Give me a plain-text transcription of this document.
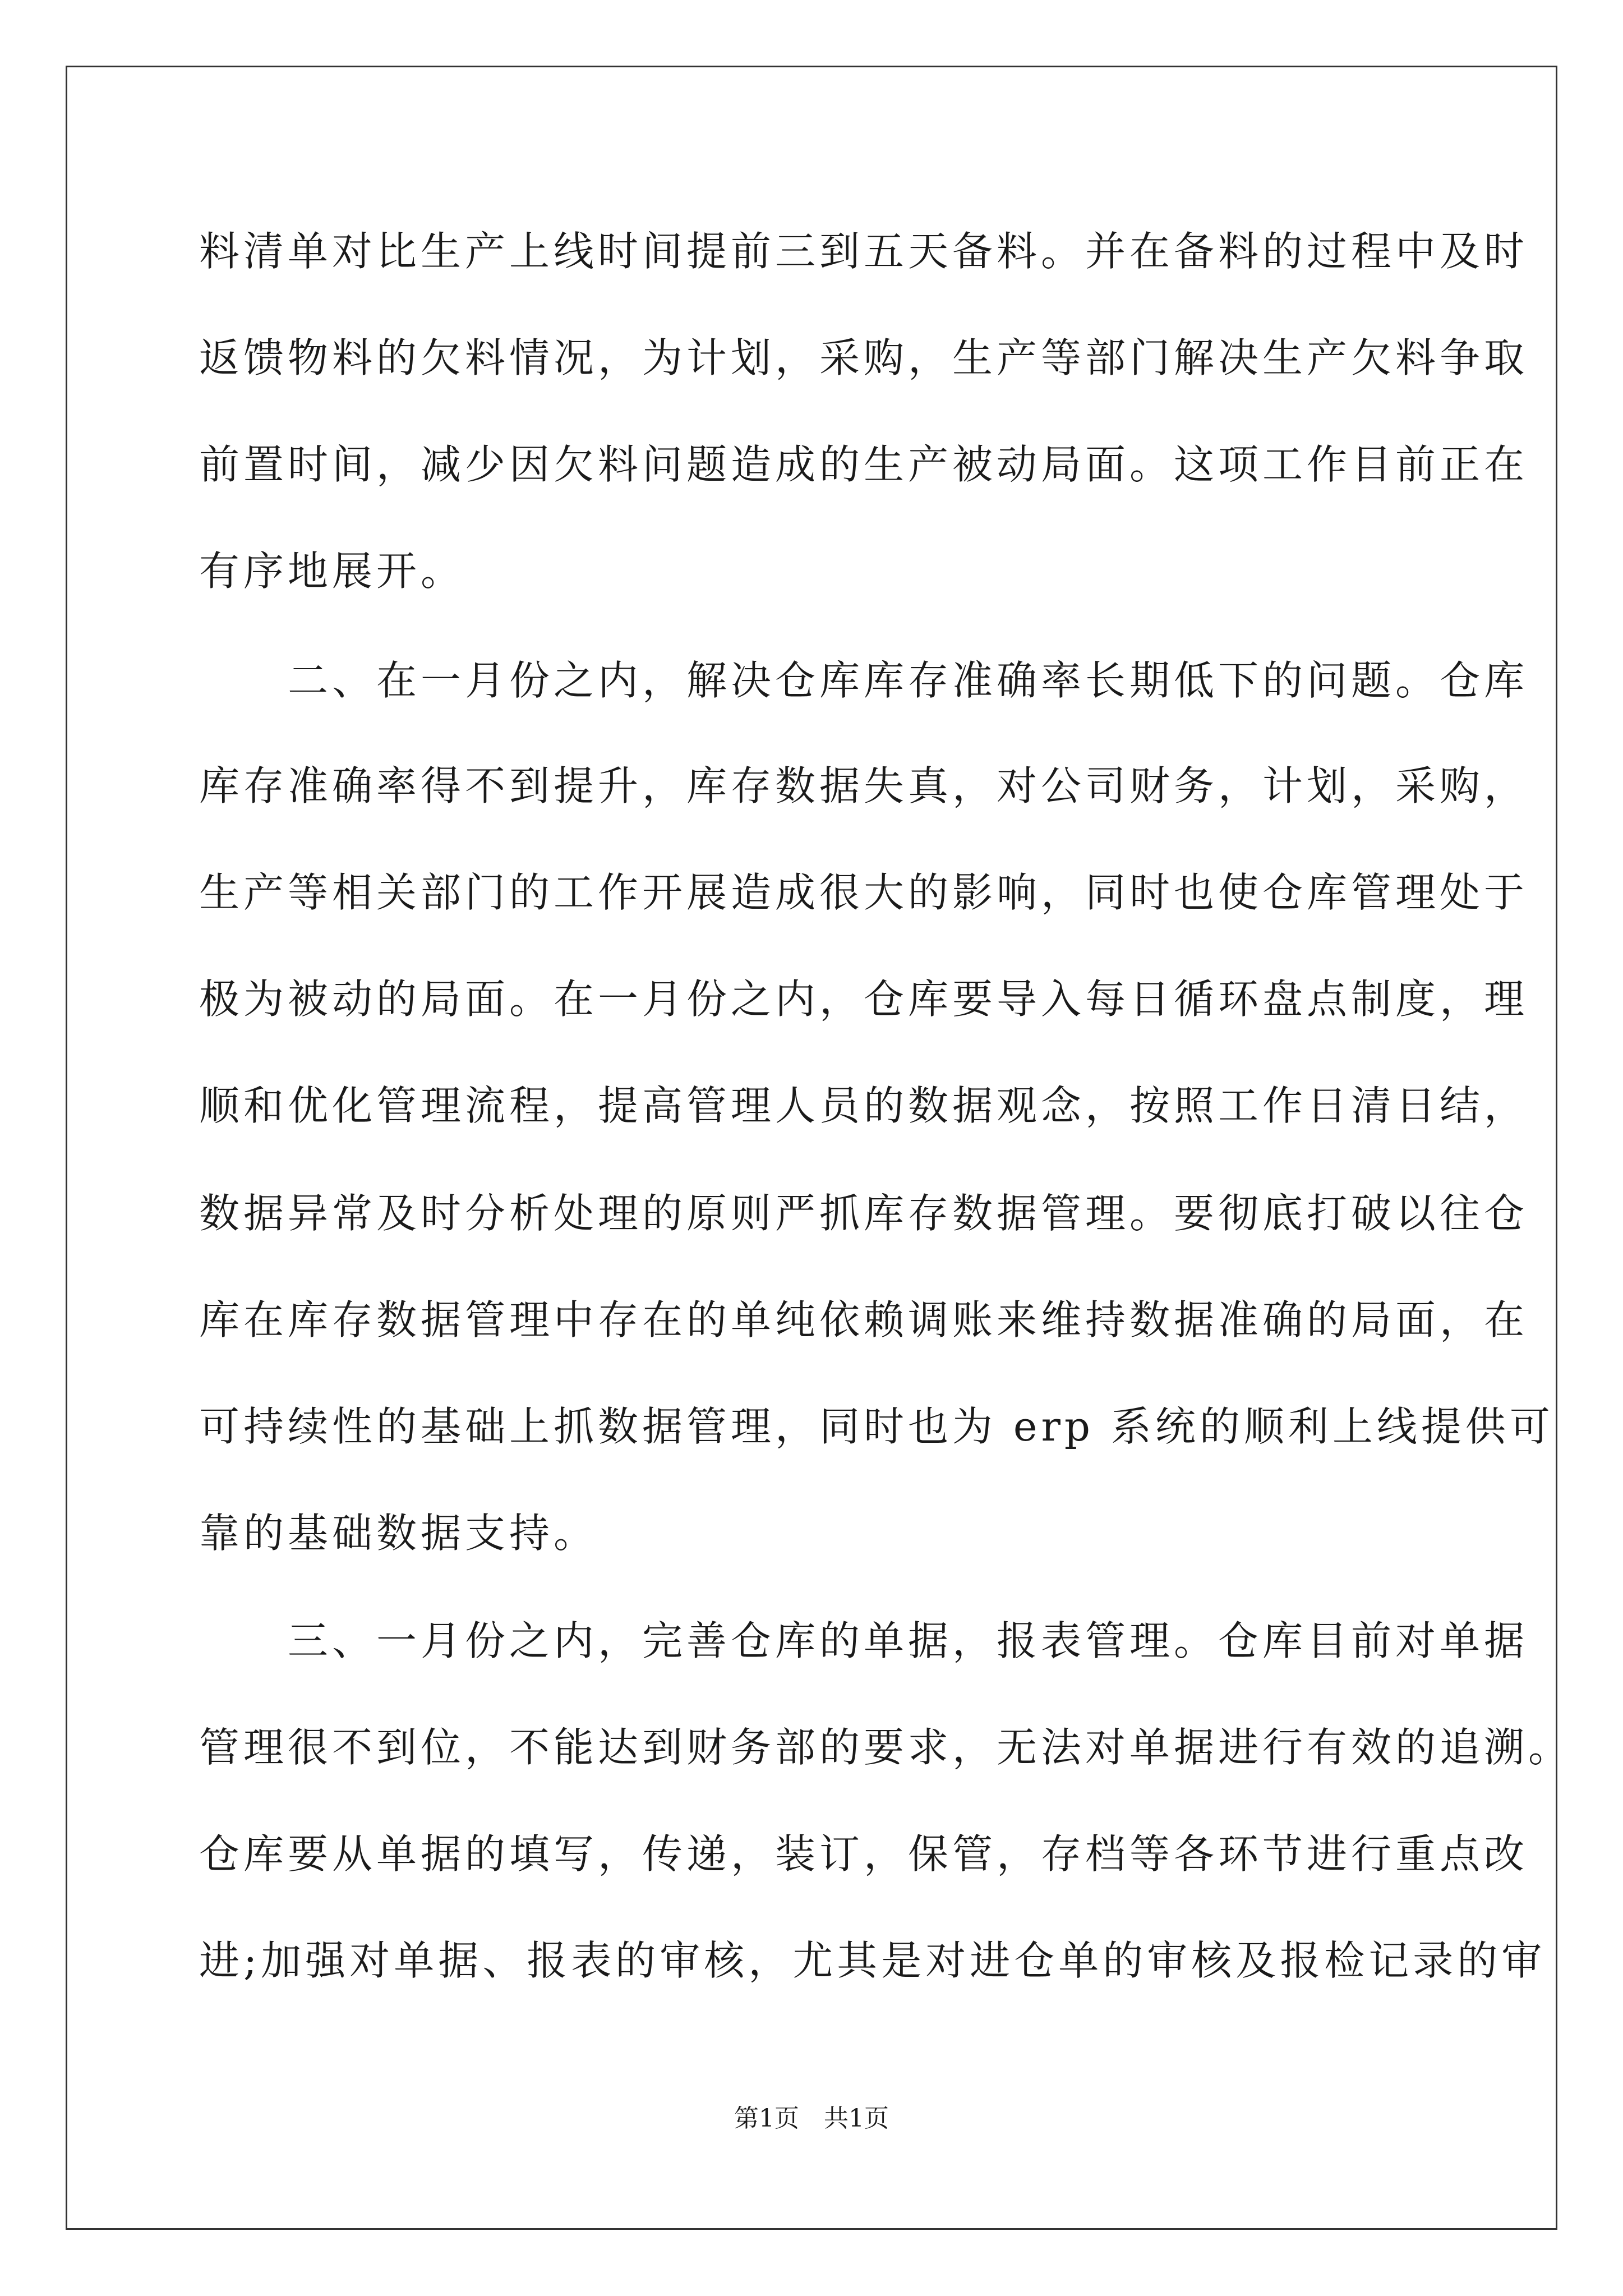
料清单对比生产上线时间提前三到五天备料。并在备料的过程中及时
返馈物料的欠料情况，为计划，采购，生产等部门解决生产欠料争取
前置时间，减少因欠料问题造成的生产被动局面。这项工作目前正在
有序地展开。
　　二、在一月份之内，解决仓库库存准确率长期低下的问题。仓库
库存准确率得不到提升，库存数据失真，对公司财务，计划，采购，
生产等相关部门的工作开展造成很大的影响，同时也使仓库管理处于
极为被动的局面。在一月份之内，仓库要导入每日循环盘点制度，理
顺和优化管理流程，提高管理人员的数据观念，按照工作日清日结，
数据异常及时分析处理的原则严抓库存数据管理。要彻底打破以往仓
库在库存数据管理中存在的单纯依赖调账来维持数据准确的局面，在
可持续性的基础上抓数据管理，同时也为 erp 系统的顺利上线提供可
靠的基础数据支持。
　　三、一月份之内，完善仓库的单据，报表管理。仓库目前对单据
管理很不到位，不能达到财务部的要求，无法对单据进行有效的追溯。
仓库要从单据的填写，传递，装订，保管，存档等各环节进行重点改
进;加强对单据、报表的审核，尤其是对进仓单的审核及报检记录的审
第1页　共1页
